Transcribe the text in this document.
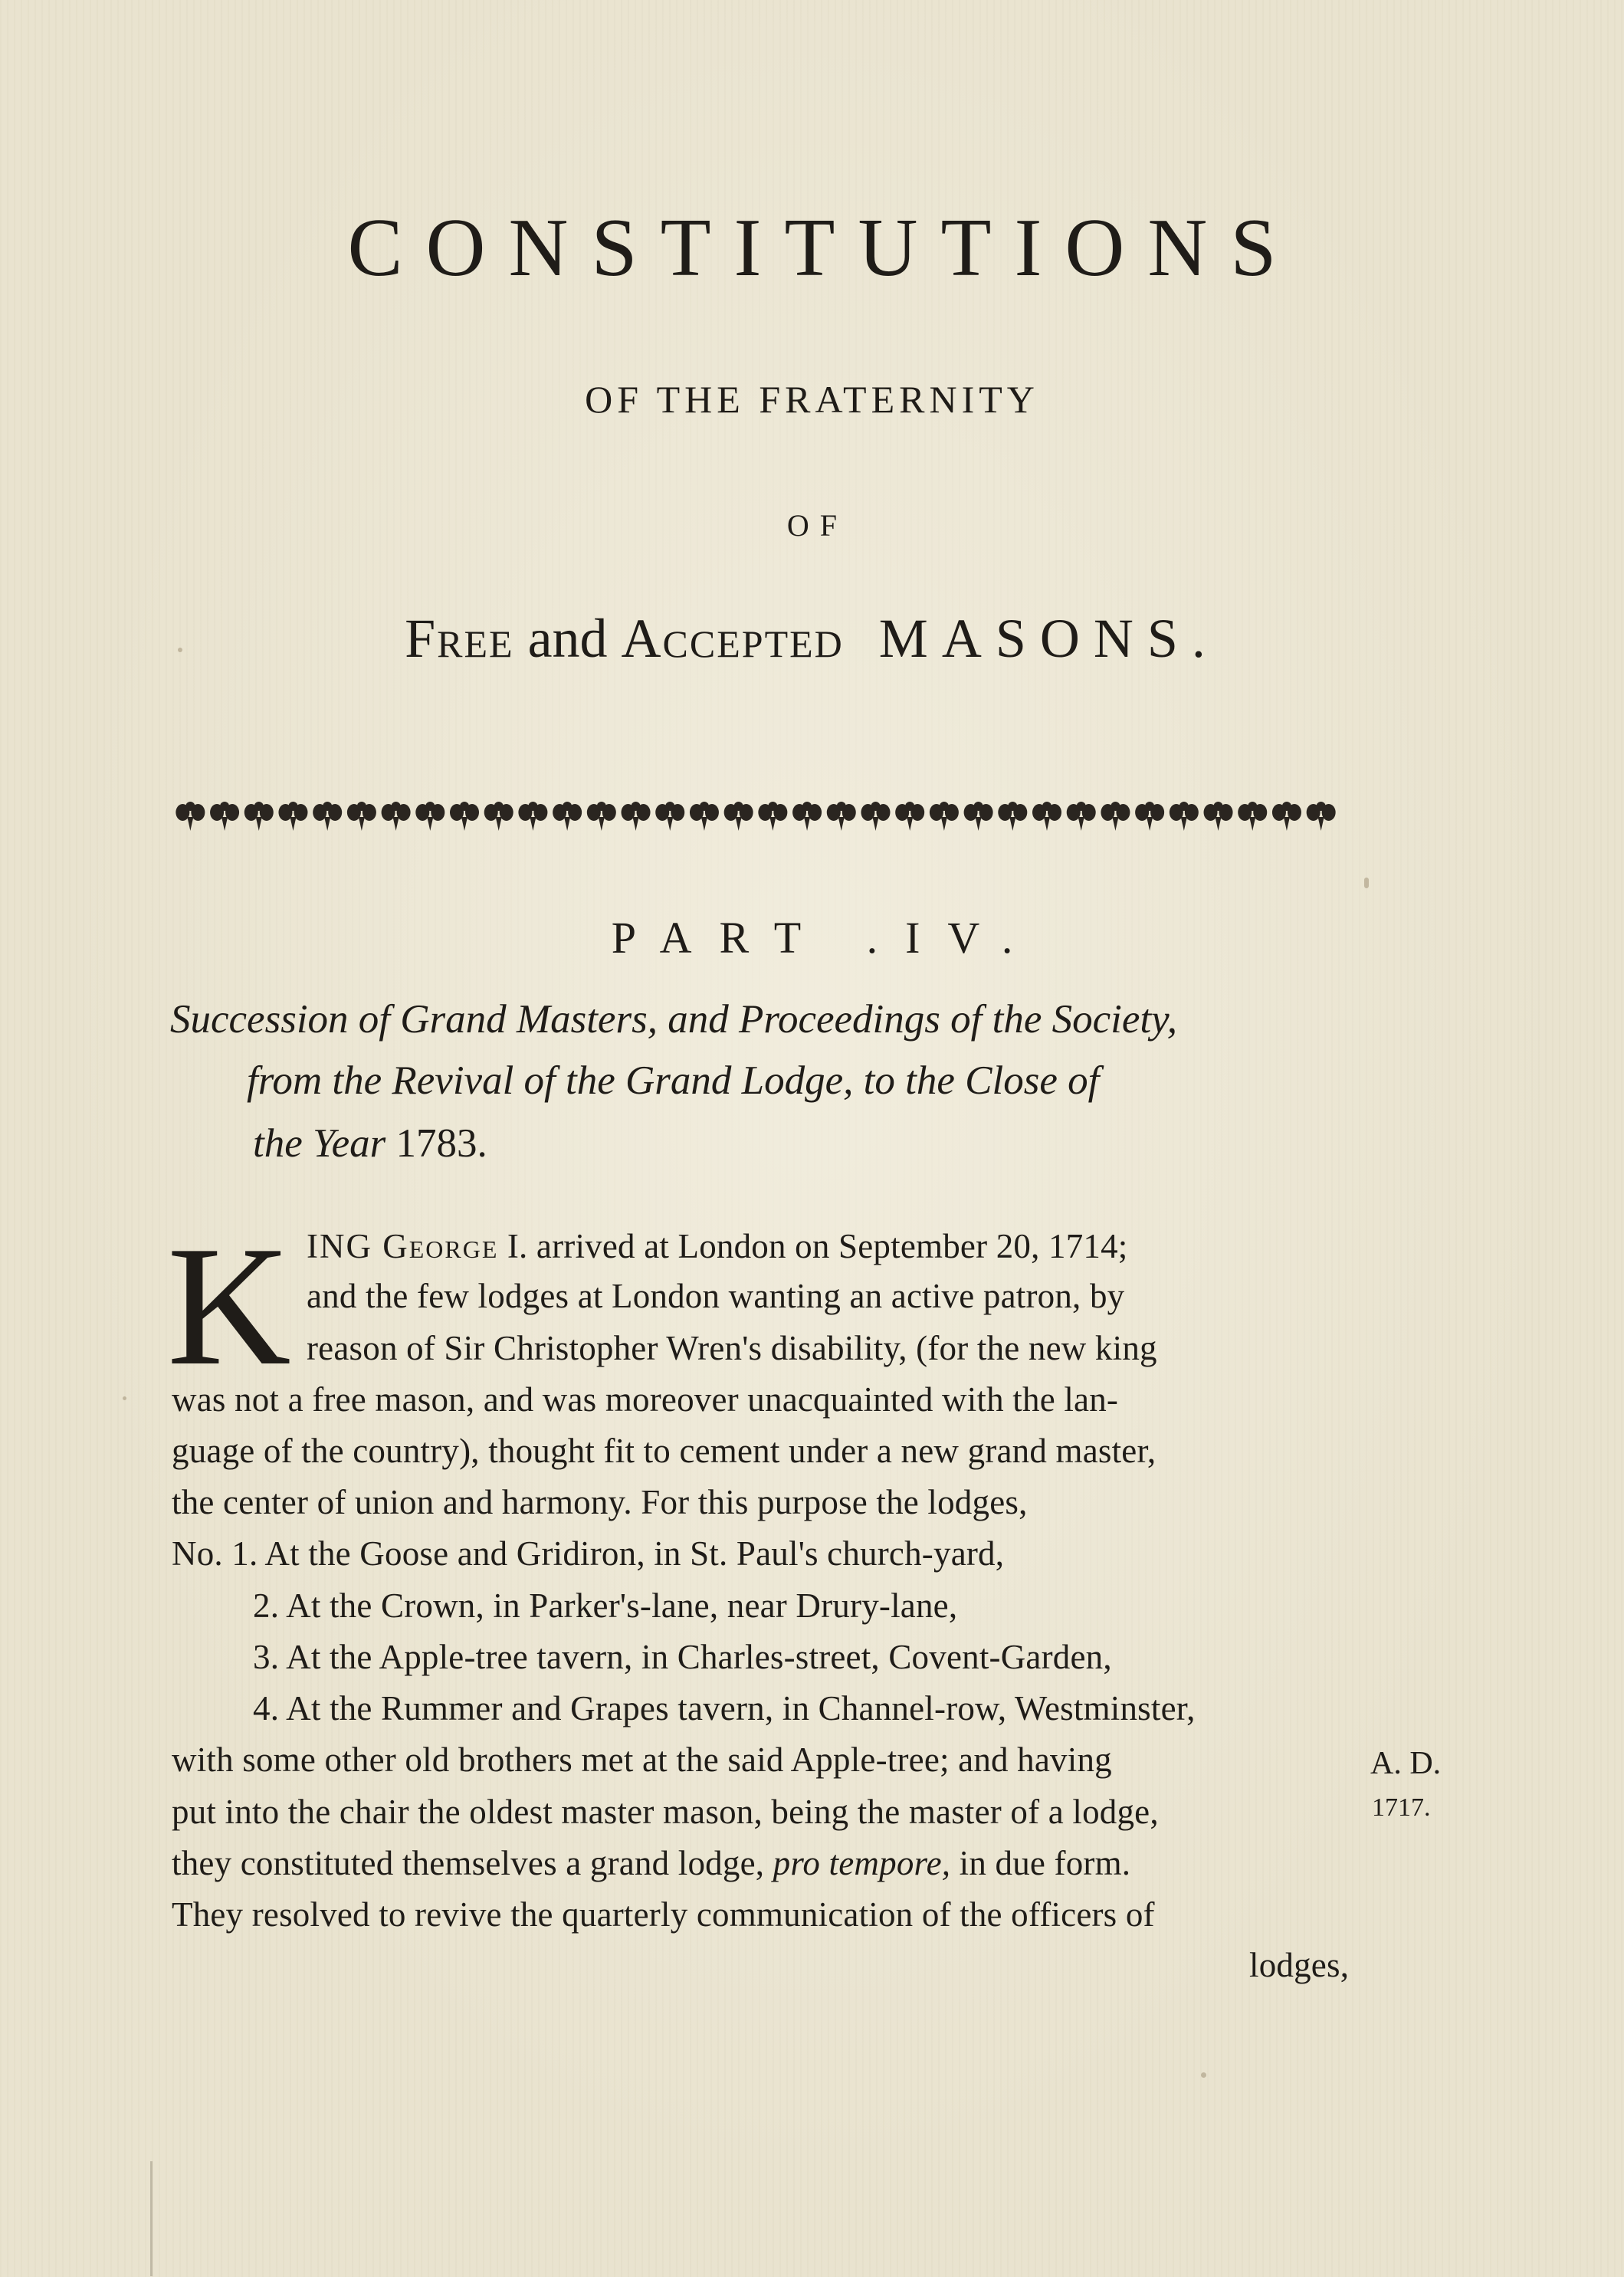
CONSTITUTIONS
OF THE FRATERNITY
OF
Free and Accepted MASONS.
PART .IV.
Succession of Grand Masters, and Proceedings of the Society,
from the Revival of the Grand Lodge, to the Close of
the Year 1783.
K ING George I. arrived at London on September 20, 1714;
and the few lodges at London wanting an active patron, by
reason of Sir Christopher Wren's disability, (for the new king
was not a free mason, and was moreover unacquainted with the lan-
guage of the country), thought fit to cement under a new grand master,
the center of union and harmony. For this purpose the lodges,
No. 1. At the Goose and Gridiron, in St. Paul's church-yard,
2. At the Crown, in Parker's-lane, near Drury-lane,
3. At the Apple-tree tavern, in Charles-street, Covent-Garden,
4. At the Rummer and Grapes tavern, in Channel-row, Westminster,
with some other old brothers met at the said Apple-tree; and having
put into the chair the oldest master mason, being the master of a lodge,
they constituted themselves a grand lodge, pro tempore, in due form.
They resolved to revive the quarterly communication of the officers of
lodges,
A. D.
1717.
